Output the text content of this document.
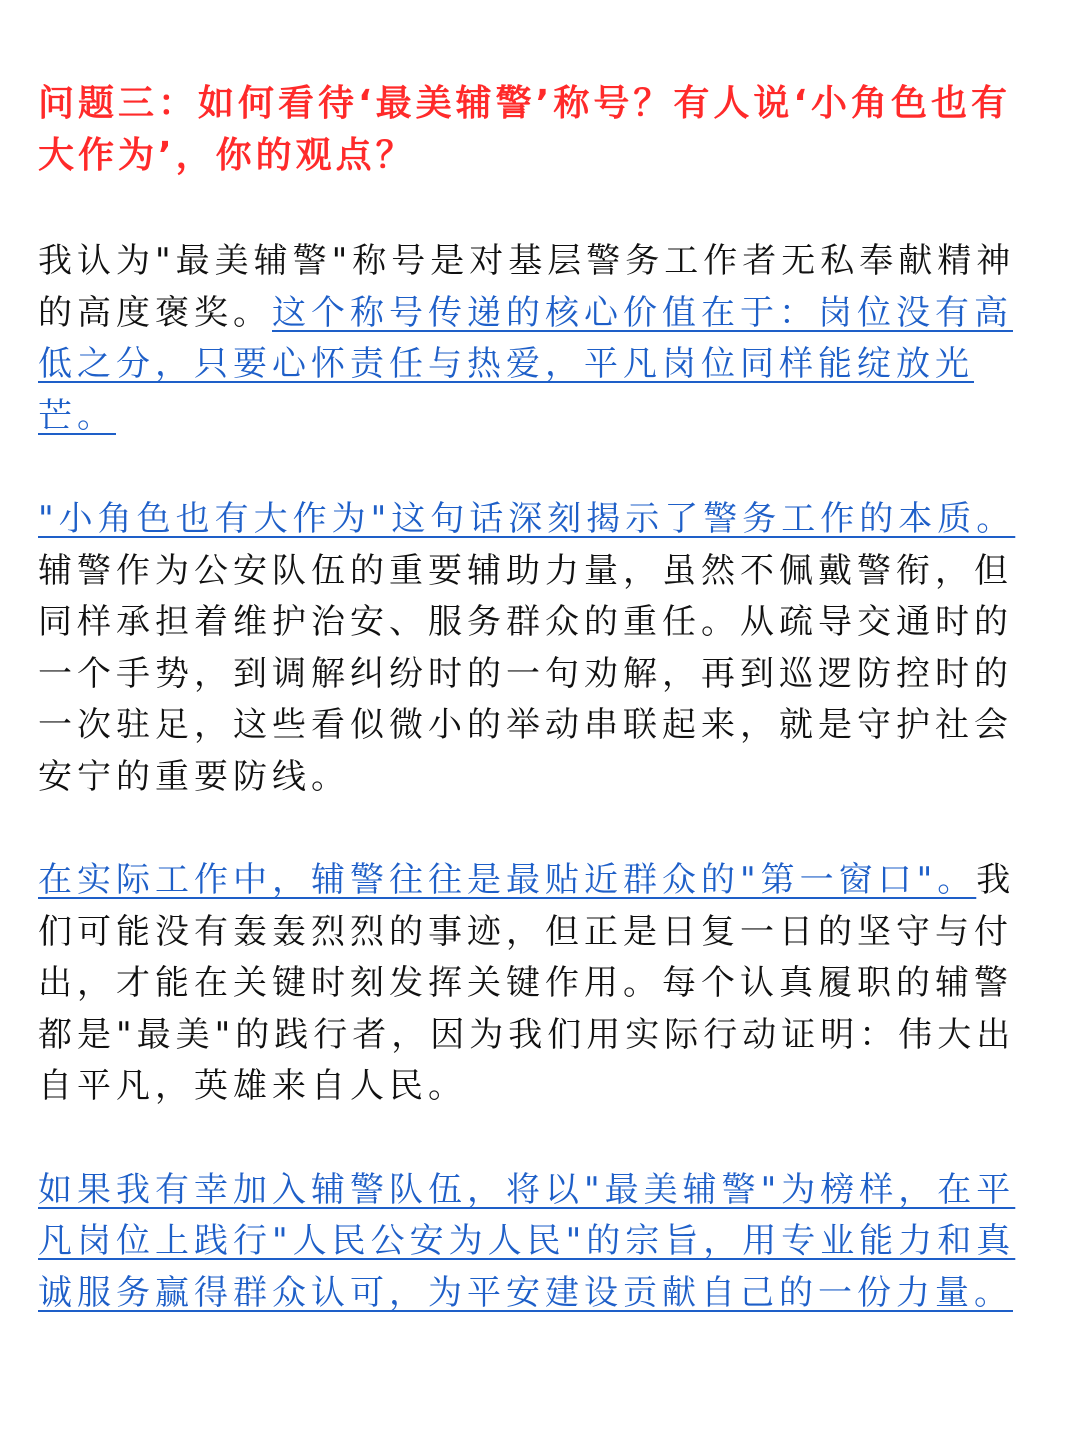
问题三：如何看待‘最美辅警’称号？有人说‘小角色也有大作为’，你的观点？
我认为"最美辅警"称号是对基层警务工作者无私奉献精神的高度褒奖。这个称号传递的核心价值在于：岗位没有高低之分，只要心怀责任与热爱，平凡岗位同样能绽放光芒。
"小角色也有大作为"这句话深刻揭示了警务工作的本质。辅警作为公安队伍的重要辅助力量，虽然不佩戴警衔，但同样承担着维护治安、服务群众的重任。从疏导交通时的一个手势，到调解纠纷时的一句劝解，再到巡逻防控时的一次驻足，这些看似微小的举动串联起来，就是守护社会安宁的重要防线。
在实际工作中，辅警往往是最贴近群众的"第一窗口"。我们可能没有轰轰烈烈的事迹，但正是日复一日的坚守与付出，才能在关键时刻发挥关键作用。每个认真履职的辅警都是"最美"的践行者，因为我们用实际行动证明：伟大出自平凡，英雄来自人民。
如果我有幸加入辅警队伍，将以"最美辅警"为榜样，在平凡岗位上践行"人民公安为人民"的宗旨，用专业能力和真诚服务赢得群众认可，为平安建设贡献自己的一份力量。
